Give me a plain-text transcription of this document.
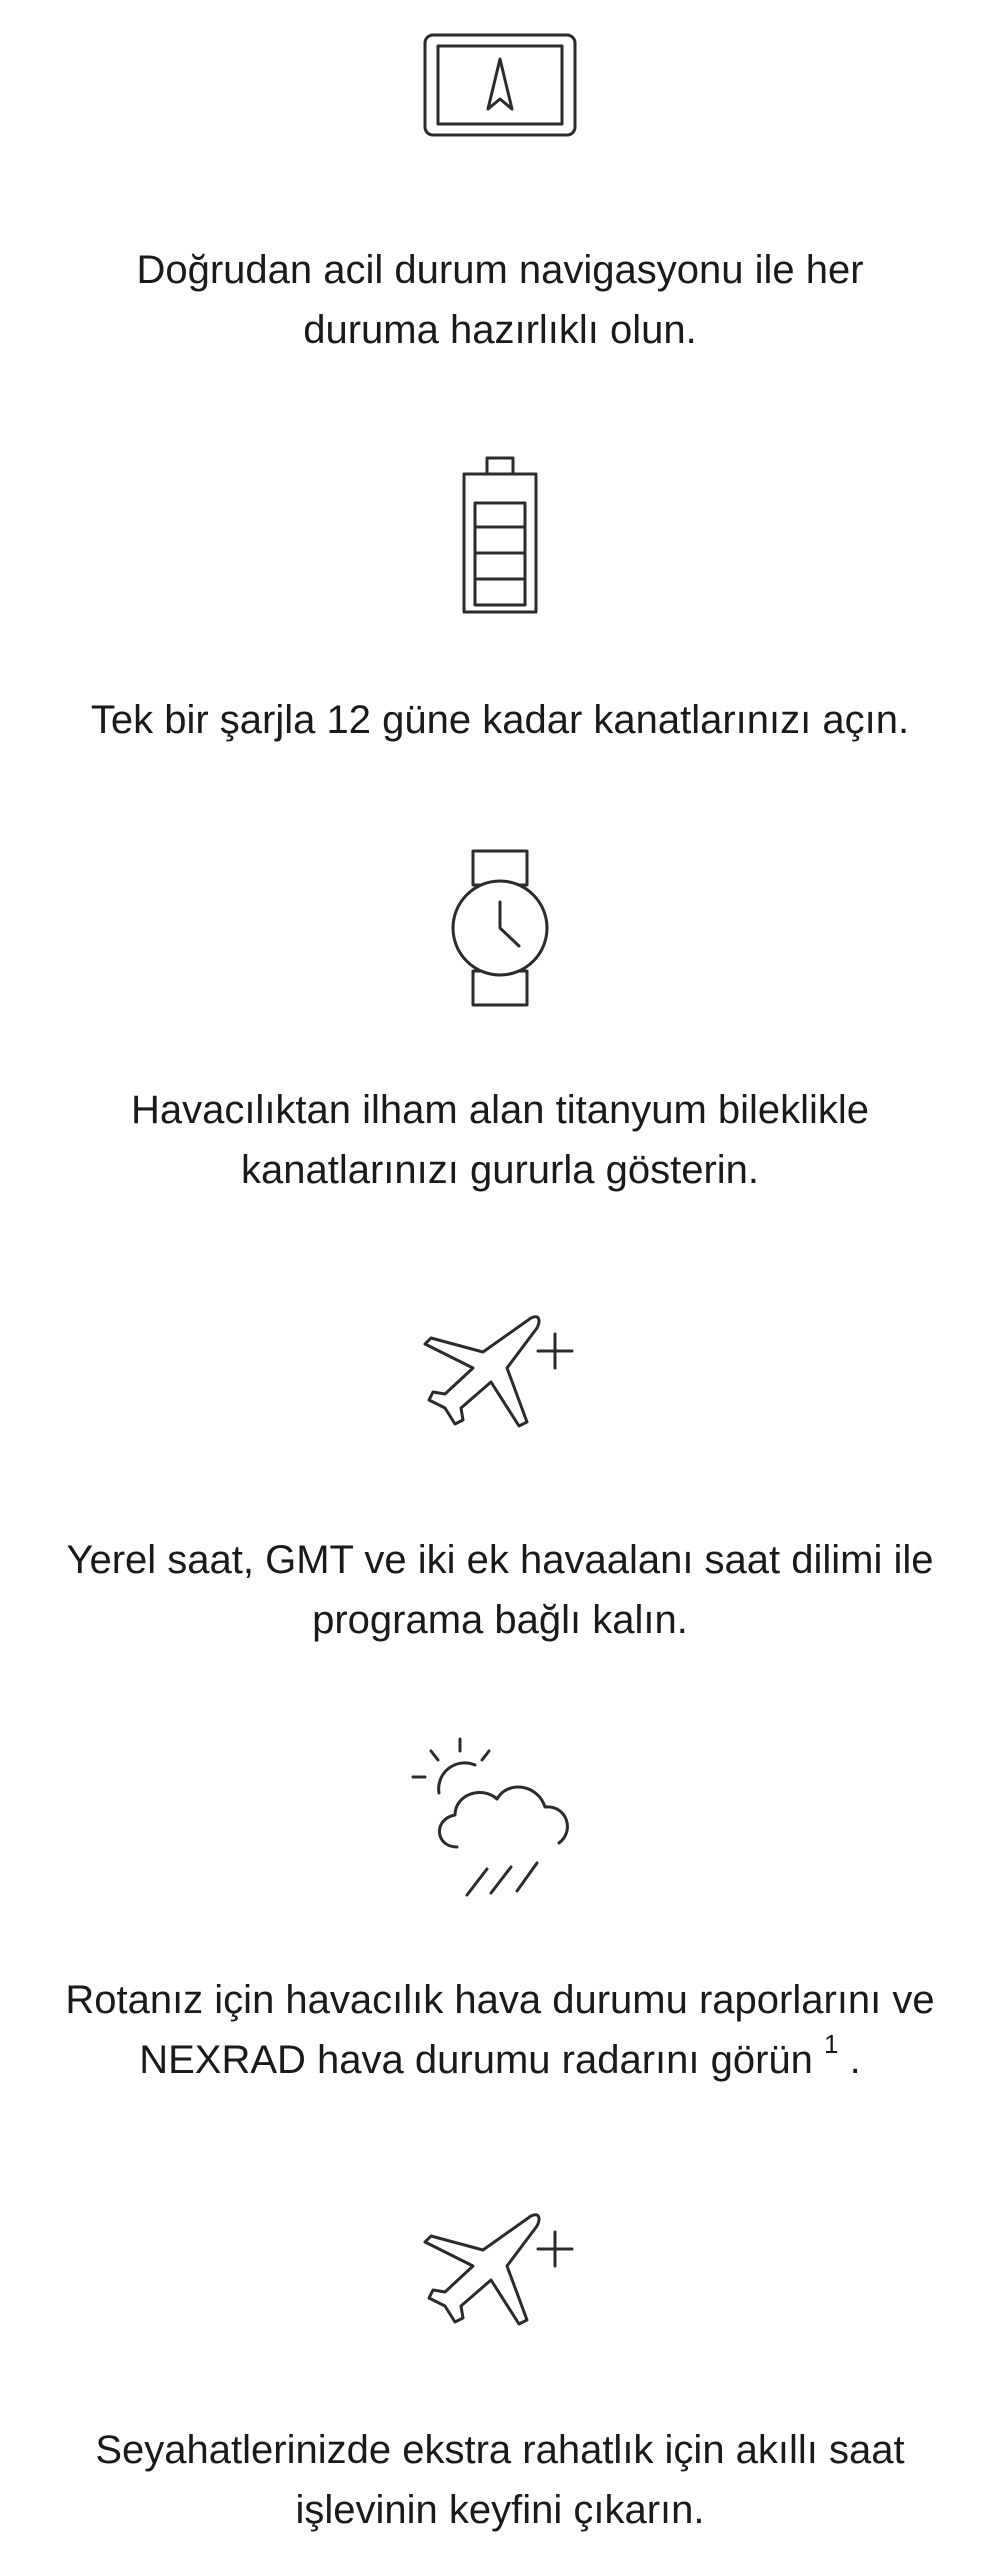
Doğrudan acil durum navigasyonu ile her
duruma hazırlıklı olun.

Tek bir şarjla 12 güne kadar kanatlarınızı açın.

Havacılıktan ilham alan titanyum bileklikle
kanatlarınızı gururla gösterin.

Yerel saat, GMT ve iki ek havaalanı saat dilimi ile
programa bağlı kalın.

Rotanız için havacılık hava durumu raporlarını ve
NEXRAD hava durumu radarını görün $^1$ .

Seyahatlerinizde ekstra rahatlık için akıllı saat
işlevinin keyfini çıkarın.
